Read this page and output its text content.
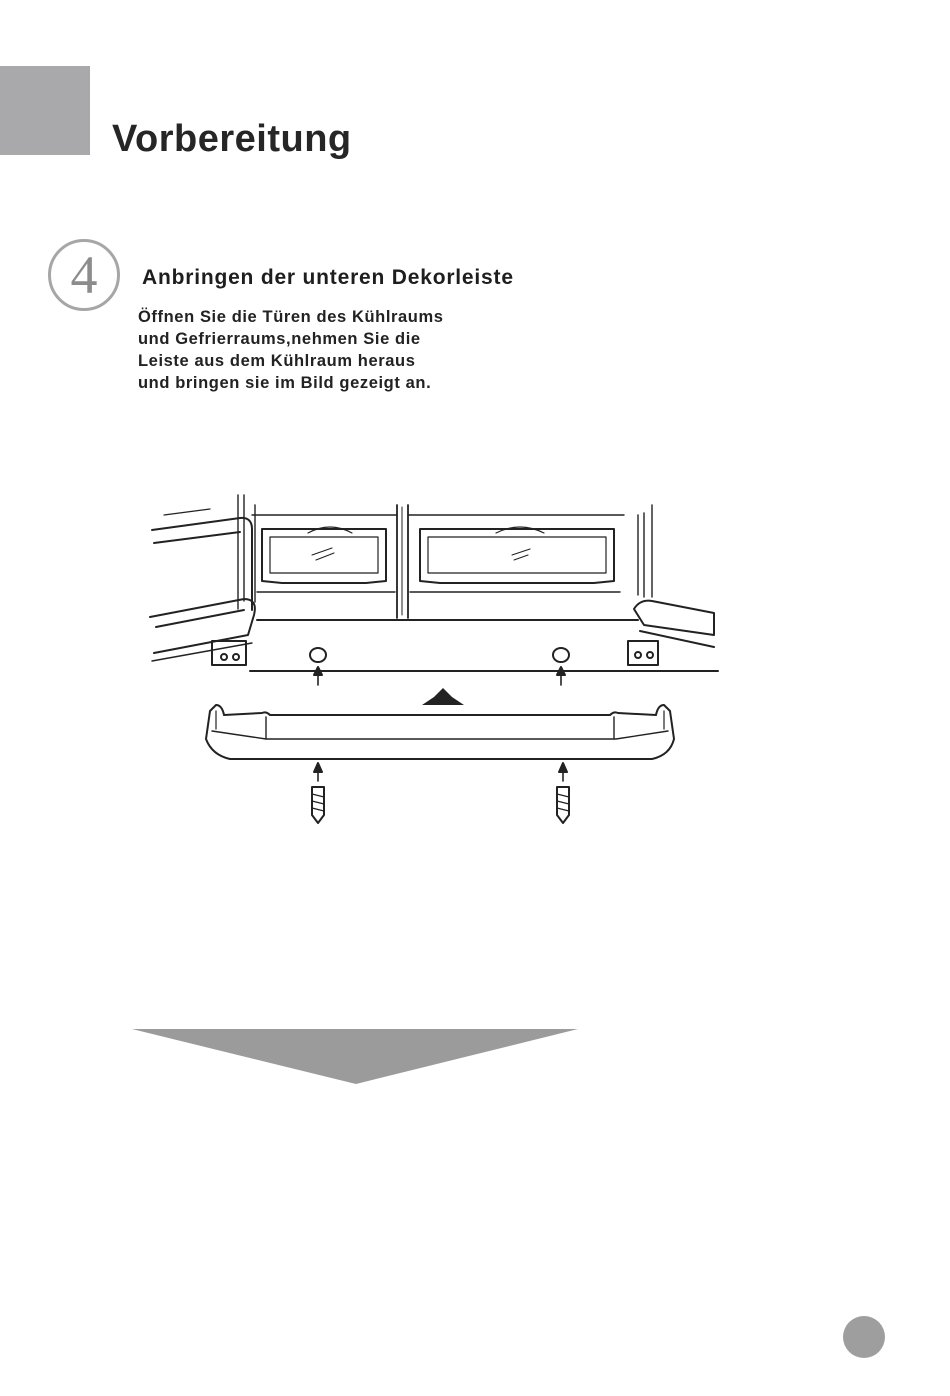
Vorbereitung
4 Anbringen der unteren Dekorleiste

Öffnen Sie die Türen des Kühlraums
und Gefrierraums,nehmen Sie die
Leiste aus dem Kühlraum heraus
und bringen sie im Bild gezeigt an.
